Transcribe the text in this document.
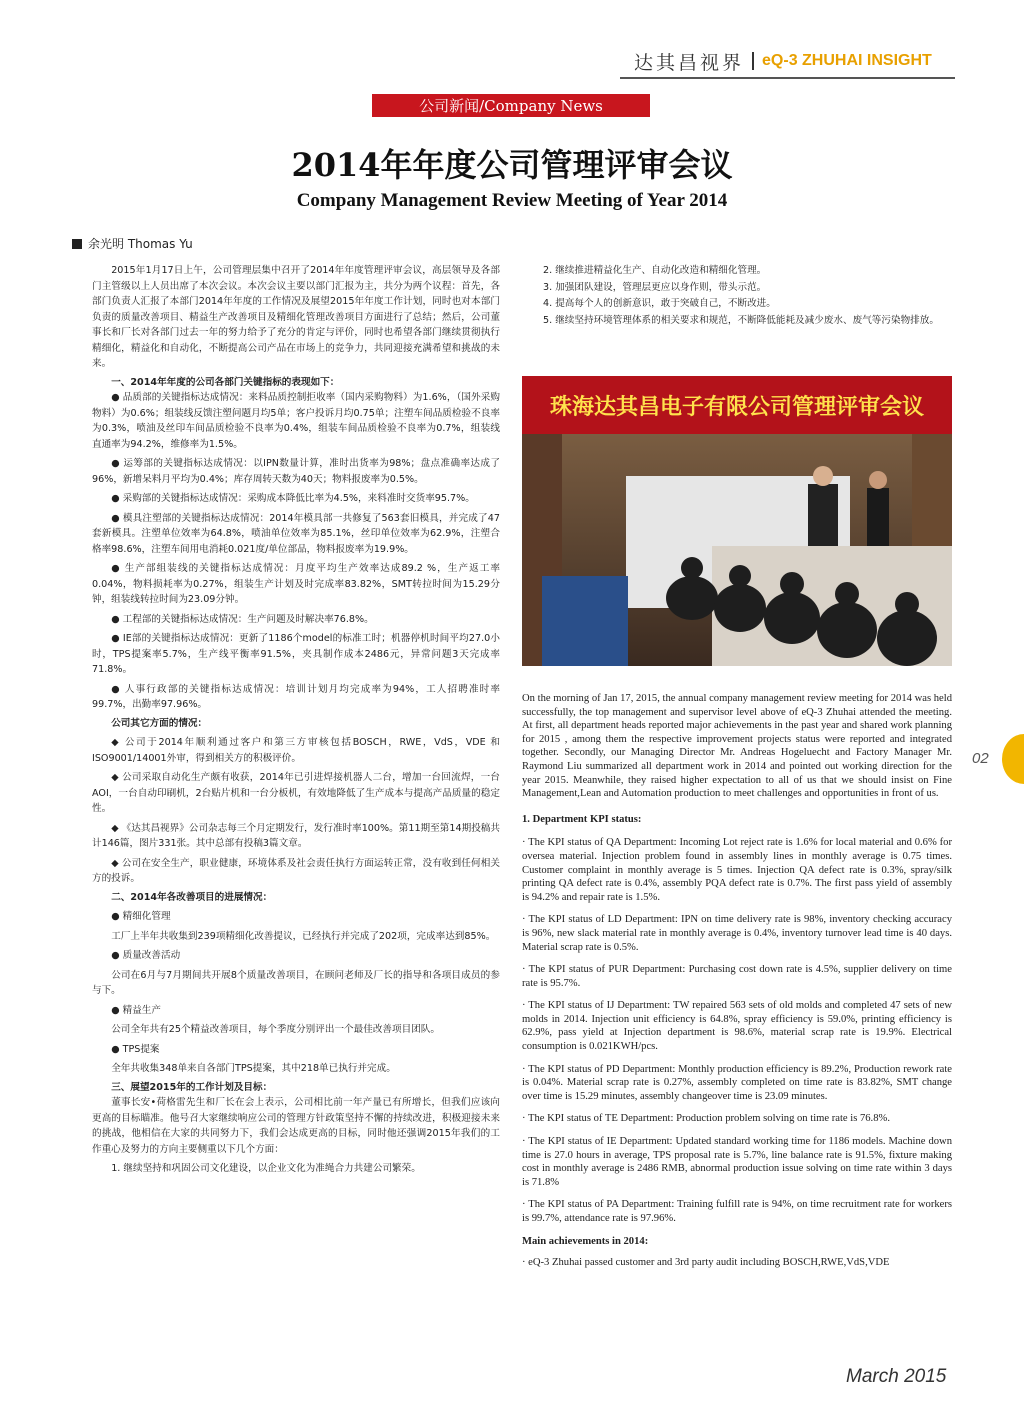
达其昌视界 eQ-3 ZHUHAI INSIGHT
公司新闻/Company News
2014年年度公司管理评审会议
Company Management Review Meeting of Year 2014
余光明 Thomas Yu

2015年1月17日上午，公司管理层集中召开了2014年年度管理评审会议，高层领导及各部门主管级以上人员出席了本次会议。本次会议主要以部门汇报为主，共分为两个议程：首先，各部门负责人汇报了本部门2014年年度的工作情况及展望2015年年度工作计划，同时也对本部门负责的质量改善项目、精益生产改善项目及精细化管理改善项目方面进行了总结；然后，公司董事长和厂长对各部门过去一年的努力给予了充分的肯定与评价，同时也希望各部门继续贯彻执行精细化，精益化和自动化，不断提高公司产品在市场上的竞争力，共同迎接充满希望和挑战的未来。

一、2014年年度的公司各部门关键指标的表现如下：

● 品质部的关键指标达成情况：来料品质控制拒收率（国内采购物料）为1.6%，（国外采购物料）为0.6%；组装线反馈注塑问题月均5单；客户投诉月均0.75单；注塑车间品质检验不良率为0.3%，喷油及丝印车间品质检验不良率为0.4%，组装车间品质检验不良率为0.7%，组装线直通率为94.2%，维修率为1.5%。

● 运筹部的关键指标达成情况：以IPN数量计算，准时出货率为98%；盘点准确率达成了96%，新增呆料月平均为0.4%；库存周转天数为40天；物料报废率为0.5%。

● 采购部的关键指标达成情况：采购成本降低比率为4.5%，来料准时交货率95.7%。

● 模具注塑部的关键指标达成情况：2014年模具部一共修复了563套旧模具，并完成了47套新模具。注塑单位效率为64.8%，喷油单位效率为85.1%，丝印单位效率为62.9%，注塑合格率98.6%，注塑车间用电消耗0.021度/单位部品，物料报废率为19.9%。

● 生产部组装线的关键指标达成情况：月度平均生产效率达成89.2 %，生产返工率0.04%，物料损耗率为0.27%，组装生产计划及时完成率83.82%，SMT转拉时间为15.29分钟，组装线转拉时间为23.09分钟。

● 工程部的关键指标达成情况：生产问题及时解决率76.8%。

● IE部的关键指标达成情况：更新了1186个model的标准工时；机器停机时间平均27.0小时，TPS提案率5.7%，生产线平衡率91.5%，夹具制作成本2486元，异常问题3天完成率71.8%。

● 人事行政部的关键指标达成情况：培训计划月均完成率为94%，工人招聘准时率99.7%，出勤率97.96%。

公司其它方面的情况：

◆ 公司于2014年顺利通过客户和第三方审核包括BOSCH，RWE，VdS，VDE 和 ISO9001/14001外审，得到相关方的积极评价。

◆ 公司采取自动化生产颇有收获，2014年已引进焊接机器人二台，增加一台回流焊，一台AOI，一台自动印刷机，2台贴片机和一台分板机，有效地降低了生产成本与提高产品质量的稳定性。

◆ 《达其昌视界》公司杂志每三个月定期发行，发行准时率100%。第11期至第14期投稿共计146篇，图片331张。其中总部有投稿3篇文章。

◆ 公司在安全生产，职业健康，环境体系及社会责任执行方面运转正常，没有收到任何相关方的投诉。

二、2014年各改善项目的进展情况：

● 精细化管理

工厂上半年共收集到239项精细化改善提议，已经执行并完成了202项，完成率达到85%。

● 质量改善活动

公司在6月与7月期间共开展8个质量改善项目，在顾问老师及厂长的指导和各项目成员的参与下。

● 精益生产

公司全年共有25个精益改善项目，每个季度分别评出一个最佳改善项目团队。

● TPS提案

全年共收集348单来自各部门TPS提案，其中218单已执行并完成。

三、展望2015年的工作计划及目标：

董事长安•荷格雷先生和厂长在会上表示，公司相比前一年产量已有所增长，但我们应该向更高的目标瞄准。他号召大家继续响应公司的管理方针政策坚持不懈的持续改进，积极迎接未来的挑战，他相信在大家的共同努力下，我们会达成更高的目标，同时他还强调2015年我们的工作重心及努力的方向主要侧重以下几个方面：

1. 继续坚持和巩固公司文化建设，以企业文化为准绳合力共建公司繁荣。

2. 继续推进精益化生产、自动化改造和精细化管理。

3. 加强团队建设，管理层更应以身作则，带头示范。

4. 提高每个人的创新意识，敢于突破自己，不断改进。

5. 继续坚持环境管理体系的相关要求和规范，不断降低能耗及减少废水、废气等污染物排放。

珠海达其昌电子有限公司管理评审会议

On the morning of Jan 17, 2015, the annual company management review meeting for 2014 was held successfully, the top management and supervisor level above of eQ-3 Zhuhai attended the meeting. At first, all department heads reported major achievements in the past year and shared work planning for 2015 , among them the respective improvement projects status were reported and integrated together. Secondly, our Managing Director Mr. Andreas Hogeluecht and Factory Manager Mr. Raymond Liu summarized all department work in 2014 and pointed out working direction for the year 2015. Meanwhile, they raised higher expectation to all of us that we should insist on Fine Management,Lean and Automation production to meet challenges and opportunities in front of us.

1. Department KPI status:

· The KPI status of QA Department: Incoming Lot reject rate is 1.6% for local material and 0.6% for oversea material. Injection problem found in assembly lines in monthly average is 0.75 times. Customer complaint in monthly average is 5 times. Injection QA defect rate is 0.3%, spray/silk printing QA defect rate is 0.4%, assembly PQA defect rate is 0.7%. The first pass yield of assembly is 94.2% and repair rate is 1.5%.

· The KPI status of LD Department: IPN on time delivery rate is 98%, inventory checking accuracy is 96%, new slack material rate in monthly average is 0.4%, inventory turnover lead time is 40 days. Material scrap rate is 0.5%.

· The KPI status of PUR Department: Purchasing cost down rate is 4.5%, supplier delivery on time rate is 95.7%.

· The KPI status of IJ Department: TW repaired 563 sets of old molds and completed 47 sets of new molds in 2014. Injection unit efficiency is 64.8%, spray efficiency is 59.0%, printing efficiency is 62.9%, pass yield at Injection department is 98.6%, material scrap rate is 19.9%. Electrical consumption is 0.021KWH/pcs.

· The KPI status of PD Department: Monthly production efficiency is 89.2%, Production rework rate is 0.04%. Material scrap rate is 0.27%, assembly completed on time rate is 83.82%, SMT change over time is 15.29 minutes, assembly changeover time is 23.09 minutes.

· The KPI status of TE Department: Production problem solving on time rate is 76.8%.

· The KPI status of IE Department: Updated standard working time for 1186 models. Machine down time is 27.0 hours in average, TPS proposal rate is 5.7%, line balance rate is 91.5%, fixture making cost in monthly average is 2486 RMB, abnormal production issue solving on time rate within 3 days is 71.8%

· The KPI status of PA Department: Training fulfill rate is 94%, on time recruitment rate for workers is 99.7%, attendance rate is 97.96%.

Main achievements in 2014:

· eQ-3 Zhuhai passed customer and 3rd party audit including BOSCH,RWE,VdS,VDE

02
March 2015
